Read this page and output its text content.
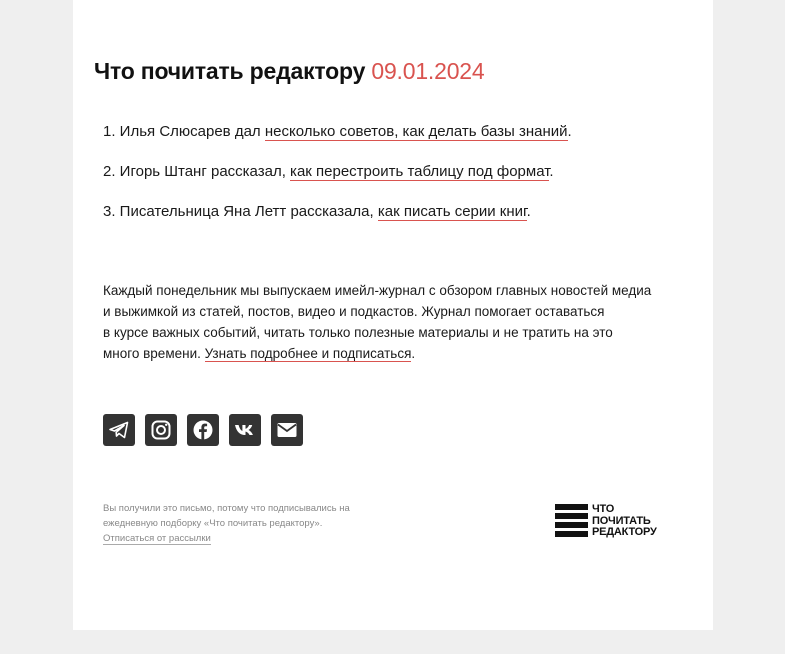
Что почитать редактору 09.01.2024
1. Илья Слюсарев дал несколько советов, как делать базы знаний.
2. Игорь Штанг рассказал, как перестроить таблицу под формат.
3. Писательница Яна Летт рассказала, как писать серии книг.

Каждый понедельник мы выпускаем имейл-журнал с обзором главных новостей медиа
и выжимкой из статей, постов, видео и подкастов. Журнал помогает оставаться
в курсе важных событий, читать только полезные материалы и не тратить на это
много времени. Узнать подробнее и подписаться.

Вы получили это письмо, потому что подписывались на
ежедневную подборку «Что почитать редактору».
Отписаться от рассылки

ЧТО
ПОЧИТАТЬ
РЕДАКТОРУ
